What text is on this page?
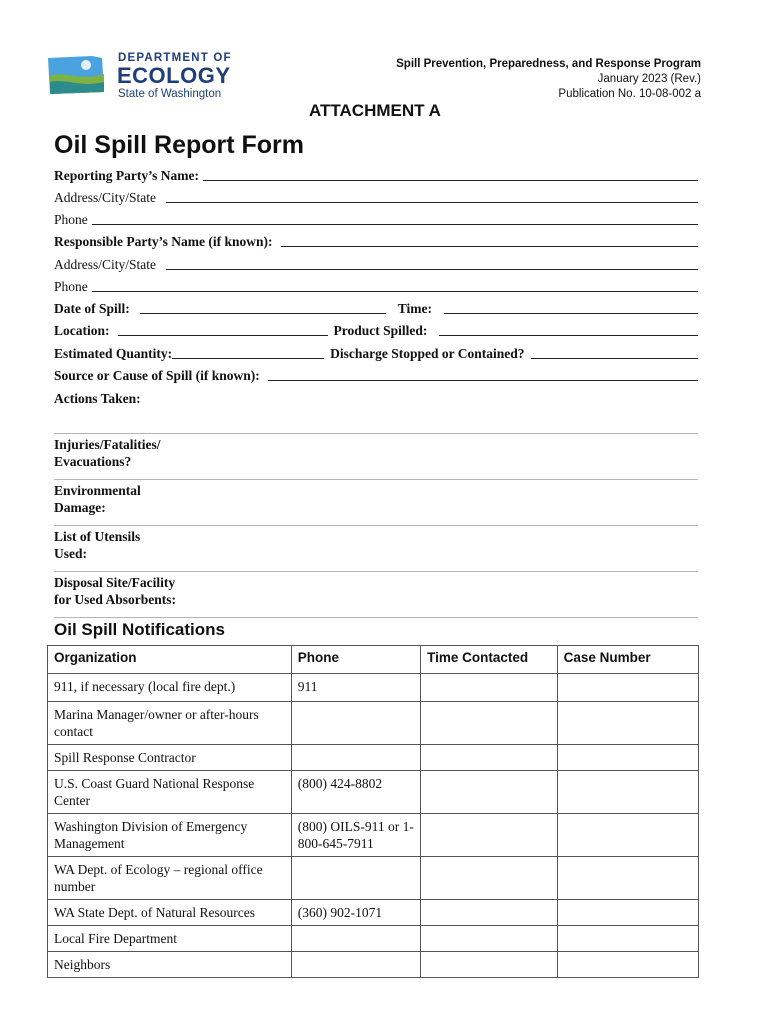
DEPARTMENT OF
ECOLOGY
State of Washington
Spill Prevention, Preparedness, and Response Program
January 2023 (Rev.)
Publication No. 10-08-002 a
ATTACHMENT A
Oil Spill Report Form
Reporting Party’s Name:
Address/City/State
Phone
Responsible Party’s Name (if known):
Address/City/State
Phone
Date of Spill:	Time:
Location:	Product Spilled:
Estimated Quantity:	Discharge Stopped or Contained?
Source or Cause of Spill (if known):
Actions Taken:
Injuries/Fatalities/
Evacuations?
Environmental
Damage:
List of Utensils
Used:
Disposal Site/Facility
for Used Absorbents:
Oil Spill Notifications
Organization	Phone	Time Contacted	Case Number
911, if necessary (local fire dept.)	911		
Marina Manager/owner or after-hours contact			
Spill Response Contractor			
U.S. Coast Guard National Response Center	(800) 424-8802		
Washington Division of Emergency Management	(800) OILS-911 or 1-800-645-7911		
WA Dept. of Ecology – regional office number			
WA State Dept. of Natural Resources	(360) 902-1071		
Local Fire Department			
Neighbors			
